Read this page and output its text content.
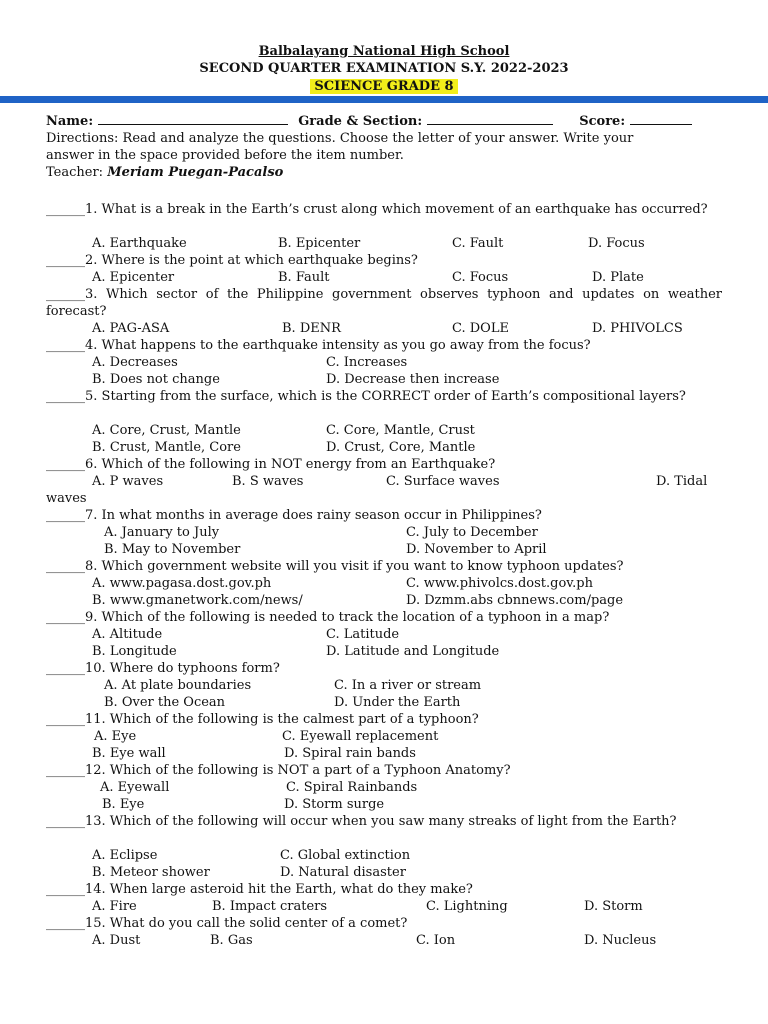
Balbalayang National High School
SECOND QUARTER EXAMINATION S.Y. 2022-2023
SCIENCE GRADE 8
Name:	Grade & Section:	Score:
Directions: Read and analyze the questions. Choose the letter of your answer. Write your
answer in the space provided before the item number.
Teacher: Meriam Puegan-Pacalso
______1. What is a break in the Earth’s crust along which movement of an earthquake has occurred?
A. Earthquake	B. Epicenter	C. Fault	D. Focus
______2. Where is the point at which earthquake begins?
A. Epicenter	B. Fault	C. Focus	D. Plate
______3. Which sector of the Philippine government observes typhoon and updates on weather forecast?
A. PAG-ASA	B. DENR	C. DOLE	D. PHIVOLCS
______4. What happens to the earthquake intensity as you go away from the focus?
A. Decreases	C. Increases
B. Does not change	D. Decrease then increase
______5. Starting from the surface, which is the CORRECT order of Earth’s compositional layers?
A. Core, Crust, Mantle	C. Core, Mantle, Crust
B. Crust, Mantle, Core	D. Crust, Core, Mantle
______6. Which of the following in NOT energy from an Earthquake?
A. P waves	B. S waves	C. Surface waves	D. Tidal
waves
______7. In what months in average does rainy season occur in Philippines?
A. January to July	C. July to December
B. May to November	D. November to April
______8. Which government website will you visit if you want to know typhoon updates?
A. www.pagasa.dost.gov.ph	C. www.phivolcs.dost.gov.ph
B. www.gmanetwork.com/news/	D. Dzmm.abs cbnnews.com/page
______9. Which of the following is needed to track the location of a typhoon in a map?
A. Altitude	C. Latitude
B. Longitude	D. Latitude and Longitude
______10. Where do typhoons form?
A. At plate boundaries	C. In a river or stream
B. Over the Ocean	D. Under the Earth
______11. Which of the following is the calmest part of a typhoon?
A. Eye	C. Eyewall replacement
B. Eye wall	D. Spiral rain bands
______12. Which of the following is NOT a part of a Typhoon Anatomy?
A. Eyewall	C. Spiral Rainbands
B. Eye	D. Storm surge
______13. Which of the following will occur when you saw many streaks of light from the Earth?
A. Eclipse	C. Global extinction
B. Meteor shower	D. Natural disaster
______14. When large asteroid hit the Earth, what do they make?
A. Fire	B. Impact craters	C. Lightning	D. Storm
______15. What do you call the solid center of a comet?
A. Dust	B. Gas	C. Ion	D. Nucleus
